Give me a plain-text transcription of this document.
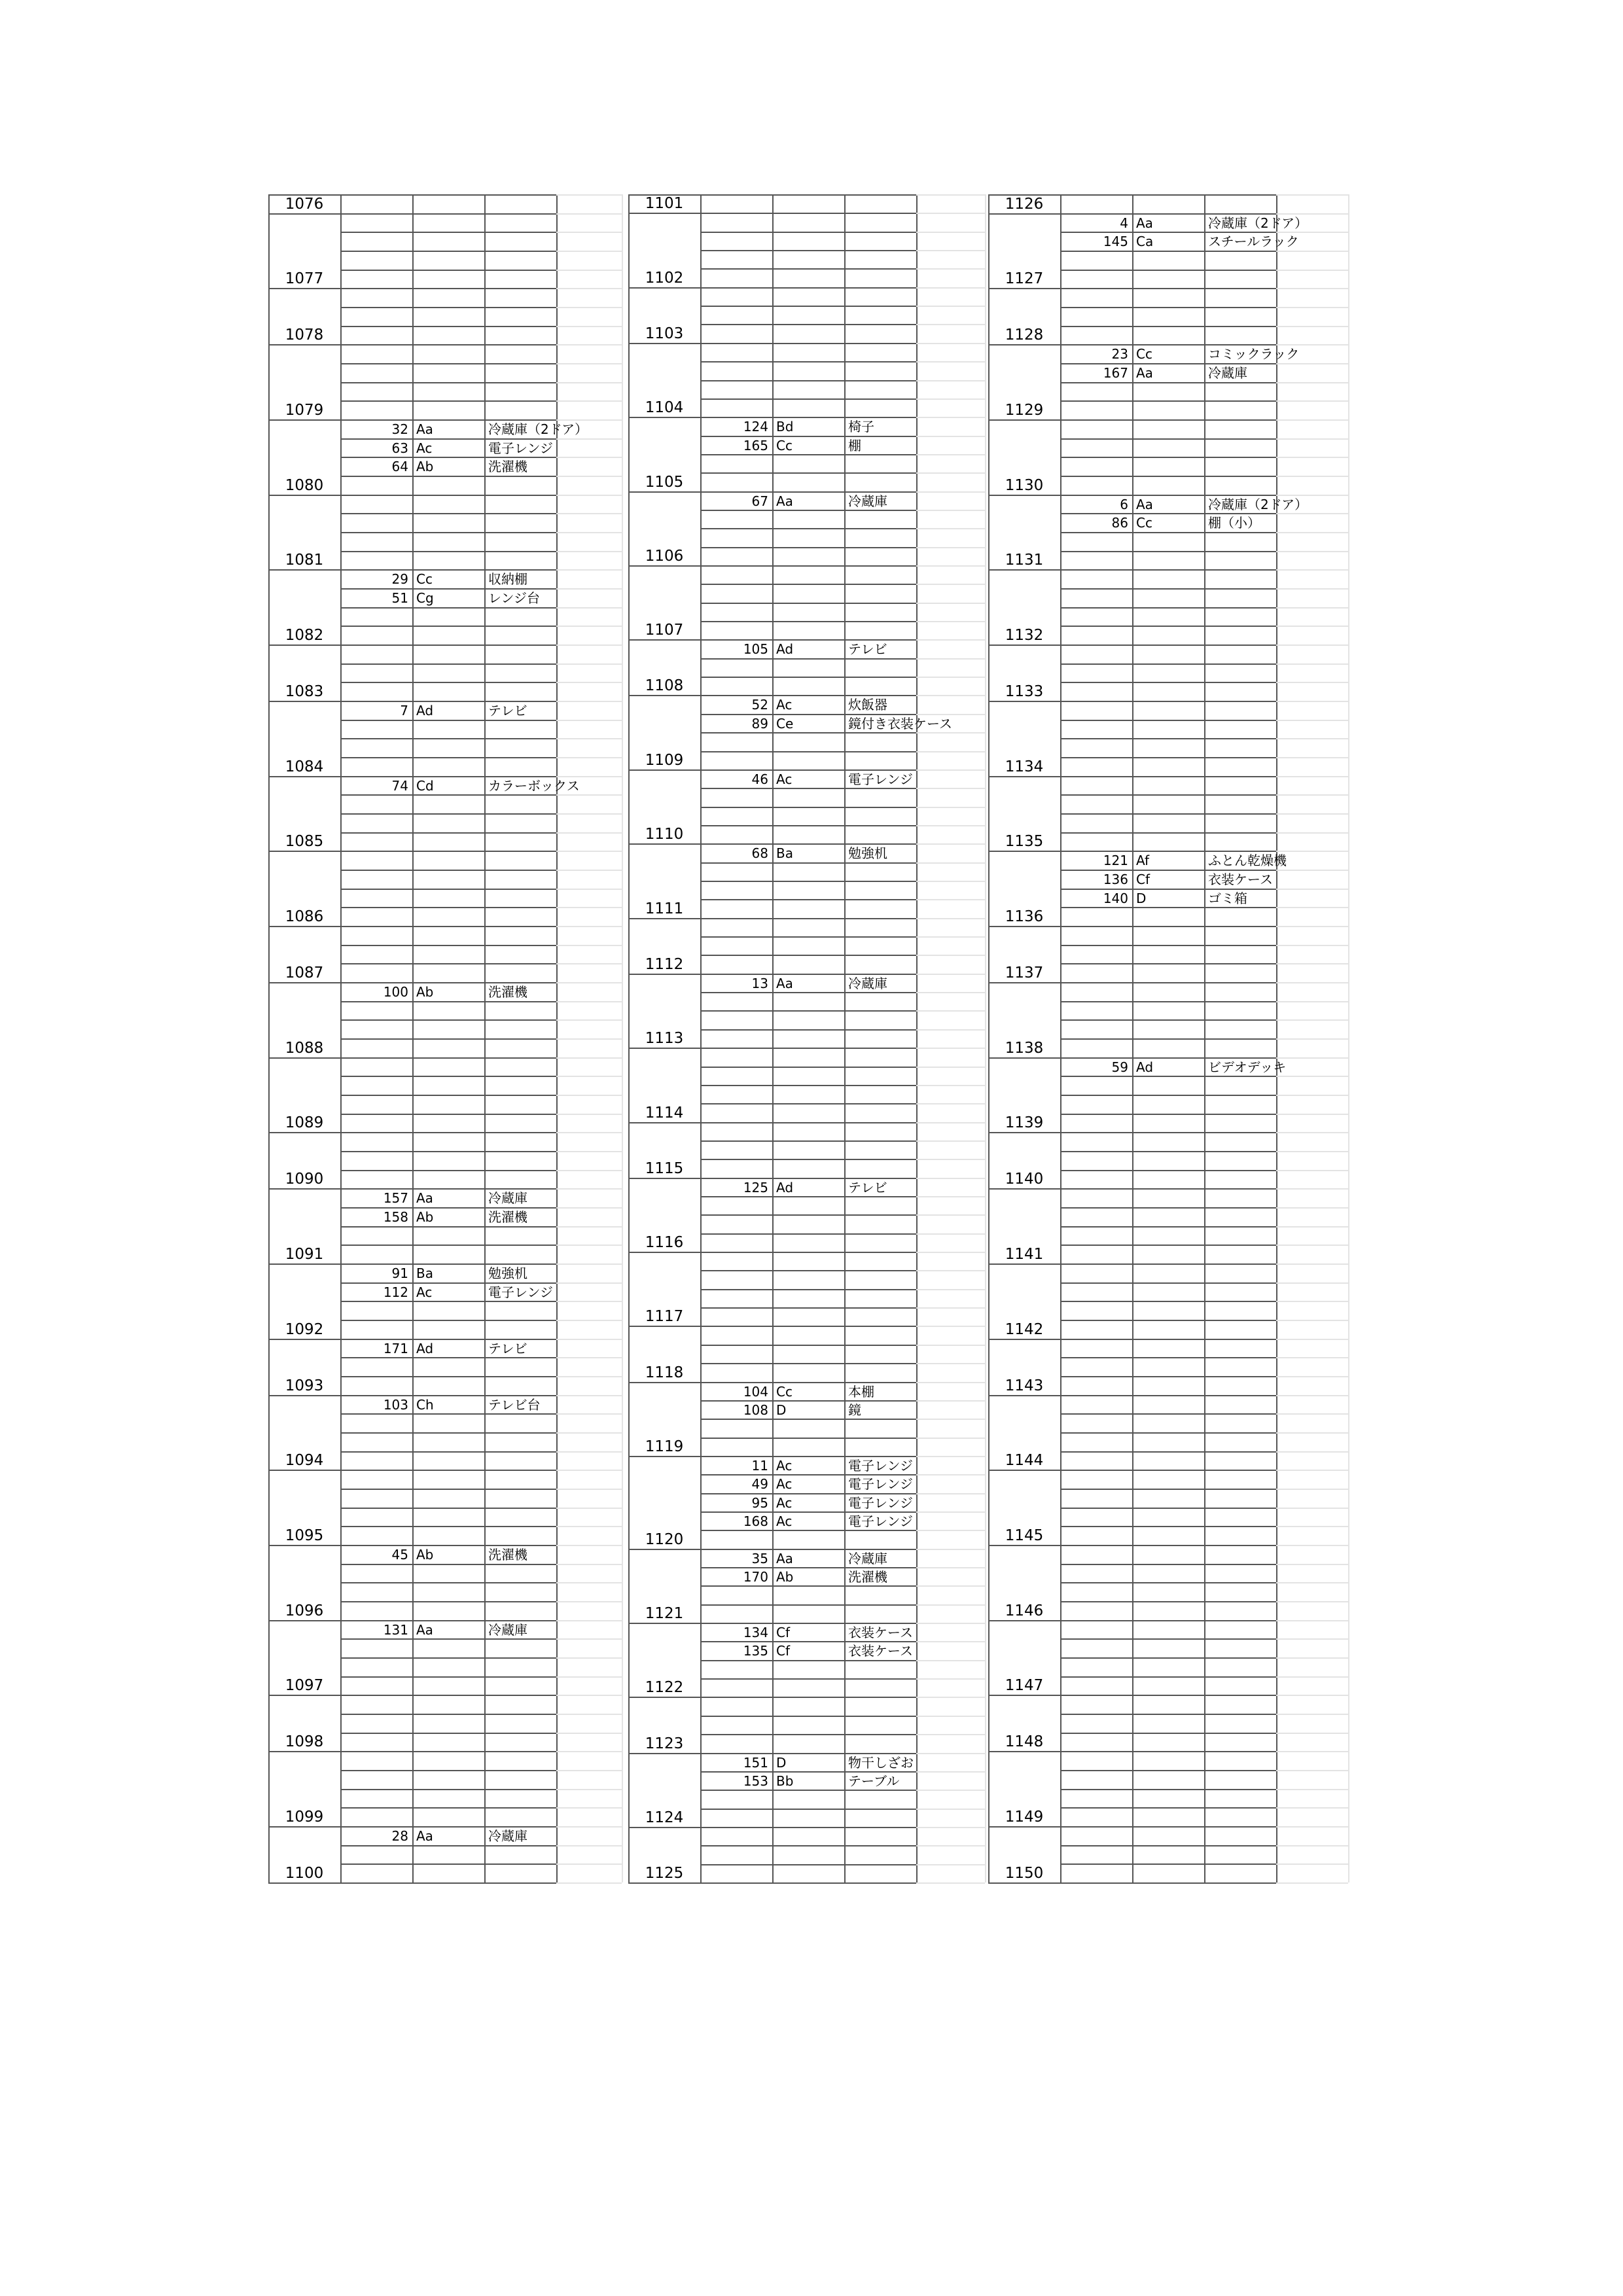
1076
1077
1078
1079
32 Aa	冷蔵庫（2ドア）
63 Ac	電子レンジ
64 Ab	洗濯機
1080
1081
29 Cc	収納棚
51 Cg	レンジ台
1082
1083
7 Ad	テレビ
1084
74 Cd	カラーボックス
1085
1086
1087
100 Ab	洗濯機
1088
1089
1090
157 Aa	冷蔵庫
158 Ab	洗濯機
1091
91 Ba	勉強机
112 Ac	電子レンジ
1092
171 Ad	テレビ
1093
103 Ch	テレビ台
1094
1095
45 Ab	洗濯機
1096
131 Aa	冷蔵庫
1097
1098
1099
28 Aa	冷蔵庫
1100
1101
1102
1103
1104
124 Bd	椅子
165 Cc	棚
1105
67 Aa	冷蔵庫
1106
1107
105 Ad	テレビ
1108
52 Ac	炊飯器
89 Ce	鏡付き衣装ケース
1109
46 Ac	電子レンジ
1110
68 Ba	勉強机
1111
1112
13 Aa	冷蔵庫
1113
1114
1115
125 Ad	テレビ
1116
1117
1118
104 Cc	本棚
108 D	鏡
1119
11 Ac	電子レンジ
49 Ac	電子レンジ
95 Ac	電子レンジ
168 Ac	電子レンジ
1120
35 Aa	冷蔵庫
170 Ab	洗濯機
1121
134 Cf	衣装ケース
135 Cf	衣装ケース
1122
1123
151 D	物干しざお
153 Bb	テーブル
1124
1125
1126
4 Aa	冷蔵庫（2ドア）
145 Ca	スチールラック
1127
1128
23 Cc	コミックラック
167 Aa	冷蔵庫
1129
1130
6 Aa	冷蔵庫（2ドア）
86 Cc	棚（小）
1131
1132
1133
1134
1135
121 Af	ふとん乾燥機
136 Cf	衣装ケース
140 D	ゴミ箱
1136
1137
1138
59 Ad	ビデオデッキ
1139
1140
1141
1142
1143
1144
1145
1146
1147
1148
1149
1150
